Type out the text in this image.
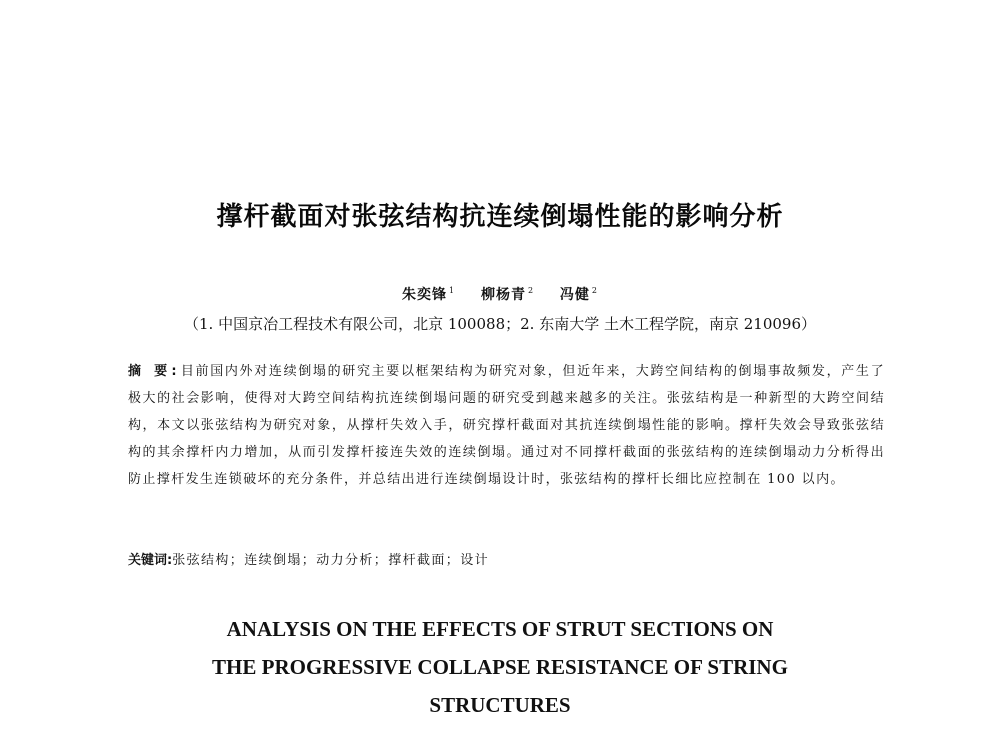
撑杆截面对张弦结构抗连续倒塌性能的影响分析
朱奕锋 $^1$ 柳杨青 $^2$ 冯健 $^2$
（1. 中国京冶工程技术有限公司，北京 100088；2. 东南大学 土木工程学院，南京 210096）
摘 要:目前国内外对连续倒塌的研究主要以框架结构为研究对象，但近年来，大跨空间结构的倒塌事故频发，产生了极大的社会影响，使得对大跨空间结构抗连续倒塌问题的研究受到越来越多的关注。张弦结构是一种新型的大跨空间结构，本文以张弦结构为研究对象，从撑杆失效入手，研究撑杆截面对其抗连续倒塌性能的影响。撑杆失效会导致张弦结构的其余撑杆内力增加，从而引发撑杆接连失效的连续倒塌。通过对不同撑杆截面的张弦结构的连续倒塌动力分析得出防止撑杆发生连锁破坏的充分条件，并总结出进行连续倒塌设计时，张弦结构的撑杆长细比应控制在 100 以内。
关键词:张弦结构；连续倒塌；动力分析；撑杆截面；设计
ANALYSIS ON THE EFFECTS OF STRUT SECTIONS ON
THE PROGRESSIVE COLLAPSE RESISTANCE OF STRING
STRUCTURES
